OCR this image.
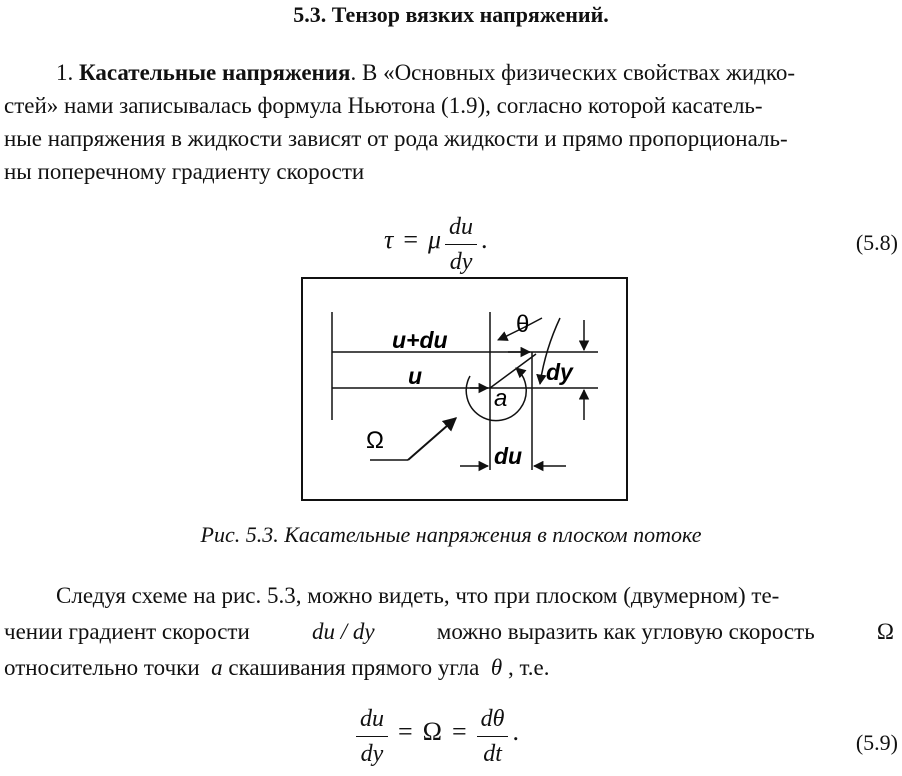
5.3. Тензор вязких напряжений.

1. Касательные напряжения. В «Основных физических свойствах жидко-

стей» нами записывалась формула Ньютона (1.9), согласно которой касатель-
ные напряжения в жидкости зависят от рода жидкости и прямо пропорциональ-
ны поперечному градиенту скорости
τ = μ $\frac{du}{dy}$ .	(5.8)
θ
u+du
u	dy
a
Ω
du
Рис. 5.3. Касательные напряжения в плоском потоке

Следуя схеме на рис. 5.3, можно видеть, что при плоском (двумерном) те-

чении градиент скорости	du / dy	можно выразить как угловую скорость	Ω
относительно точки a скашивания прямого угла θ , т.е.
$\frac{du}{dy} = \Omega = \frac{d\theta}{dt}$ .	(5.9)
